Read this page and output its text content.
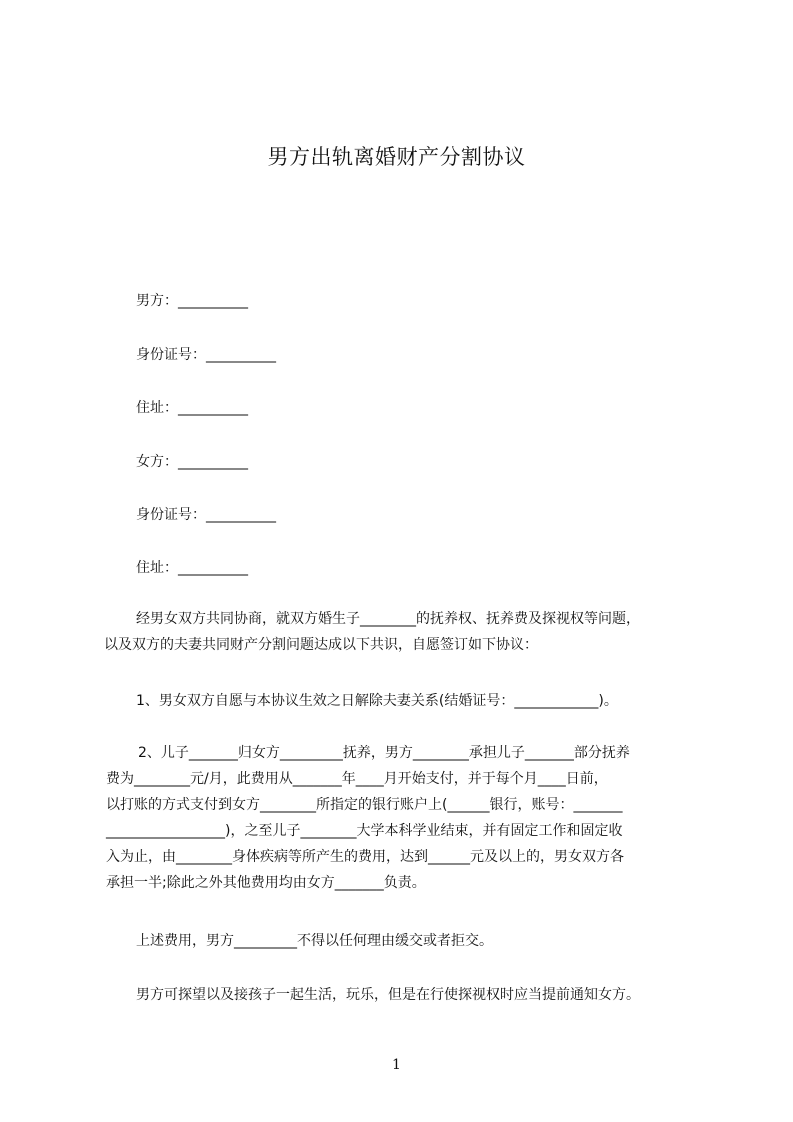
男方出轨离婚财产分割协议
男方：__________
身份证号：__________
住址：__________
女方：__________
身份证号：__________
住址：__________
经男女双方共同协商，就双方婚生子________的抚养权、抚养费及探视权等问题，
以及双方的夫妻共同财产分割问题达成以下共识，自愿签订如下协议：
1、男女双方自愿与本协议生效之日解除夫妻关系(结婚证号：____________)。
2、儿子_______归女方_________抚养，男方________承担儿子_______部分抚养
费为________元/月，此费用从_______年____月开始支付，并于每个月____日前，
以打账的方式支付到女方________所指定的银行账户上(______银行，账号：_______
_________________)，之至儿子________大学本科学业结束，并有固定工作和固定收
入为止，由________身体疾病等所产生的费用，达到______元及以上的，男女双方各
承担一半;除此之外其他费用均由女方_______负责。
上述费用，男方_________不得以任何理由缓交或者拒交。
男方可探望以及接孩子一起生活，玩乐，但是在行使探视权时应当提前通知女方。
1
